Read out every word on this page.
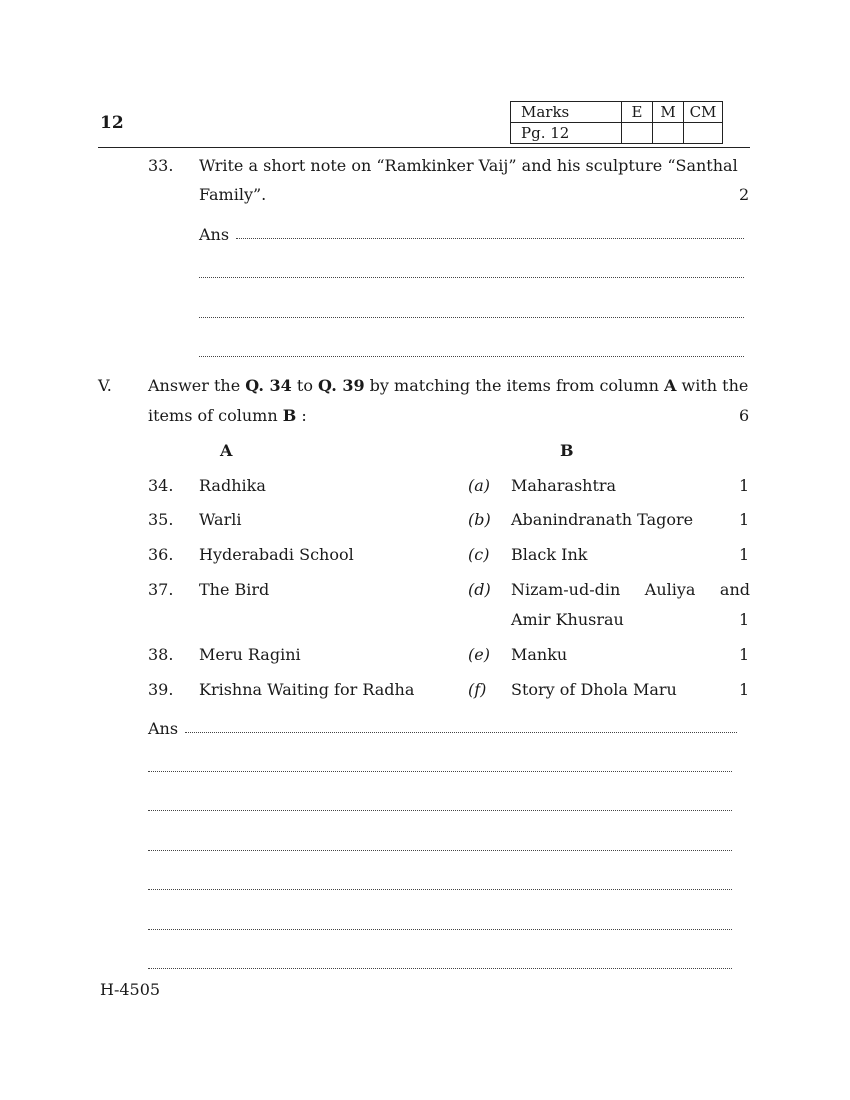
12
Marks	E	M	CM
Pg. 12			
33. Write a short note on “Ramkinker Vaij” and his sculpture “Santhal
Family”.	2
Ans
V. Answer the Q. 34 to Q. 39 by matching the items from column A with the
items of column B :	6
A	B
34. Radhika	(a) Maharashtra	1
35. Warli	(b) Abanindranath Tagore	1
36. Hyderabadi School	(c) Black Ink	1
37. The Bird	(d) Nizam-ud-din Auliya and
Amir Khusrau	1
38. Meru Ragini	(e) Manku	1
39. Krishna Waiting for Radha	(f) Story of Dhola Maru	1
Ans
H-4505
